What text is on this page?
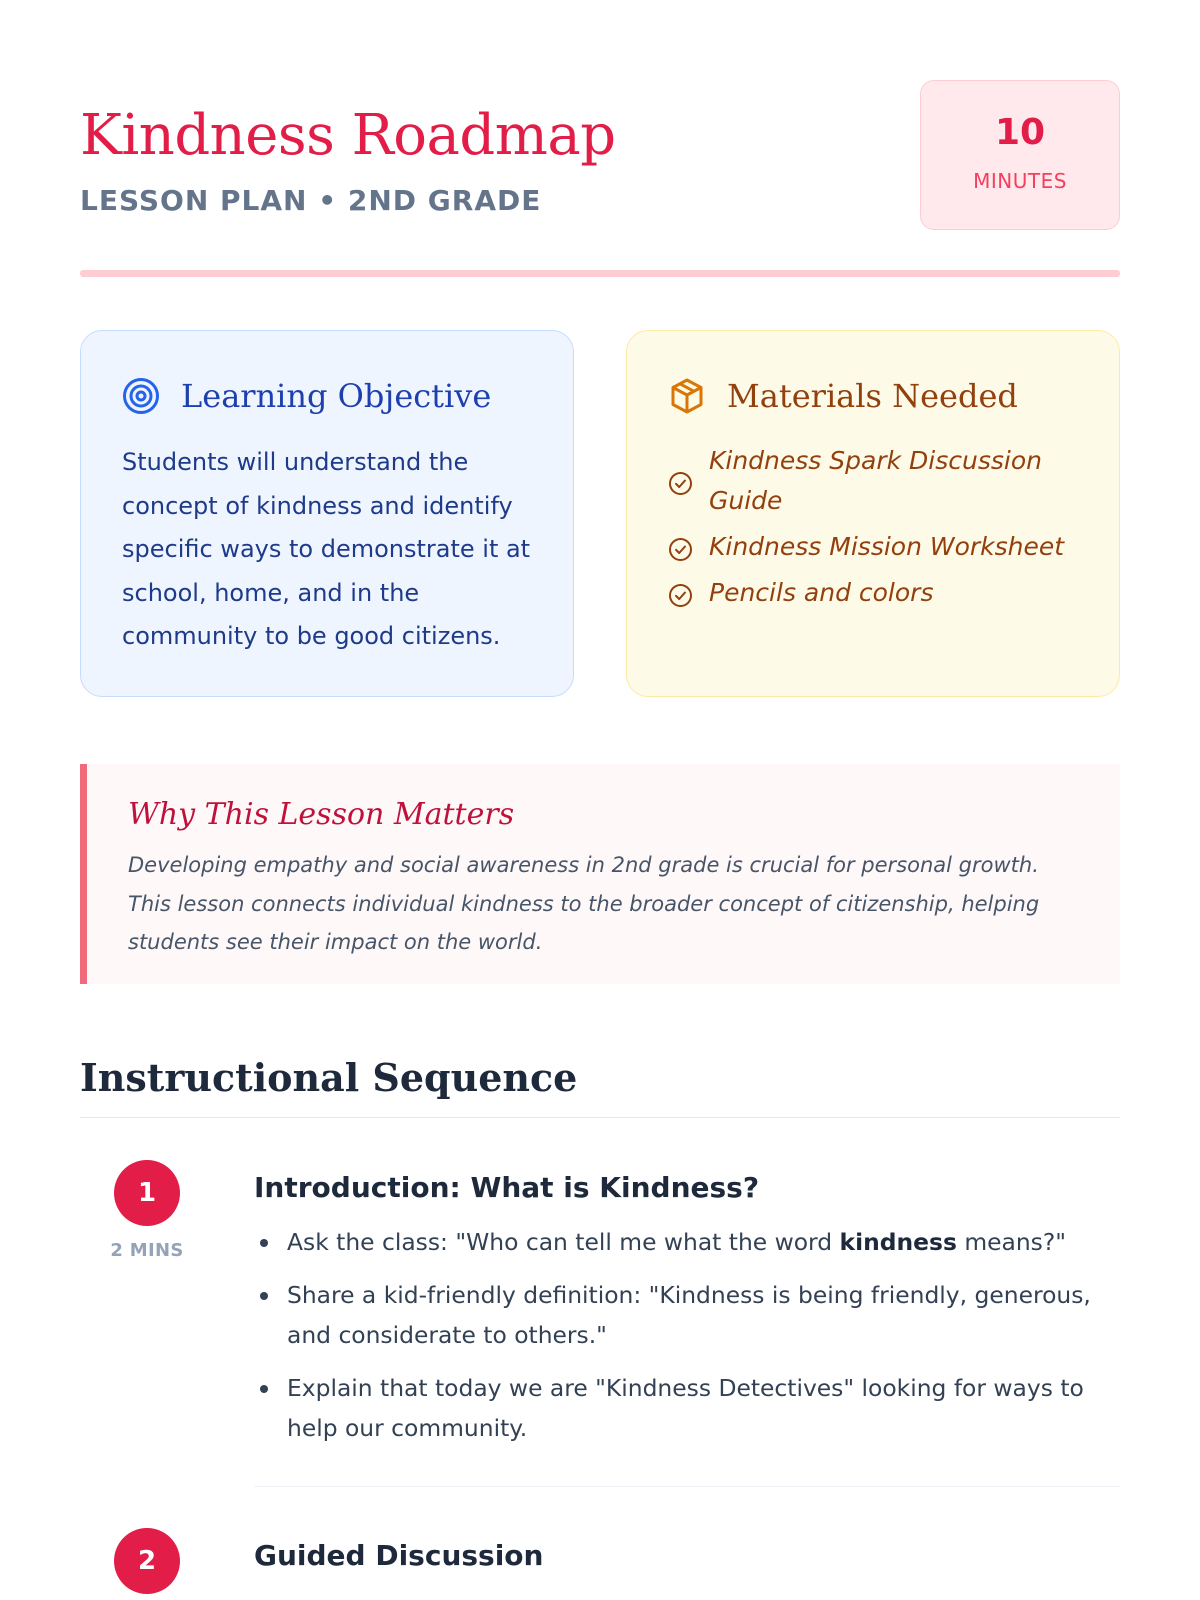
Kindness Roadmap
LESSON PLAN • 2ND GRADE
10
MINUTES
Learning Objective

Students will understand the concept of kindness and identify specific ways to demonstrate it at school, home, and in the community to be good citizens.

Materials Needed
Kindness Spark Discussion Guide
Kindness Mission Worksheet
Pencils and colors
Why This Lesson Matters

Developing empathy and social awareness in 2nd grade is crucial for personal growth. This lesson connects individual kindness to the broader concept of citizenship, helping students see their impact on the world.

Instructional Sequence
1
2 MINS
Introduction: What is Kindness?
Ask the class: "Who can tell me what the word kindness means?"
Share a kid-friendly definition: "Kindness is being friendly, generous, and considerate to others."
Explain that today we are "Kindness Detectives" looking for ways to help our community.
2	Guided Discussion
